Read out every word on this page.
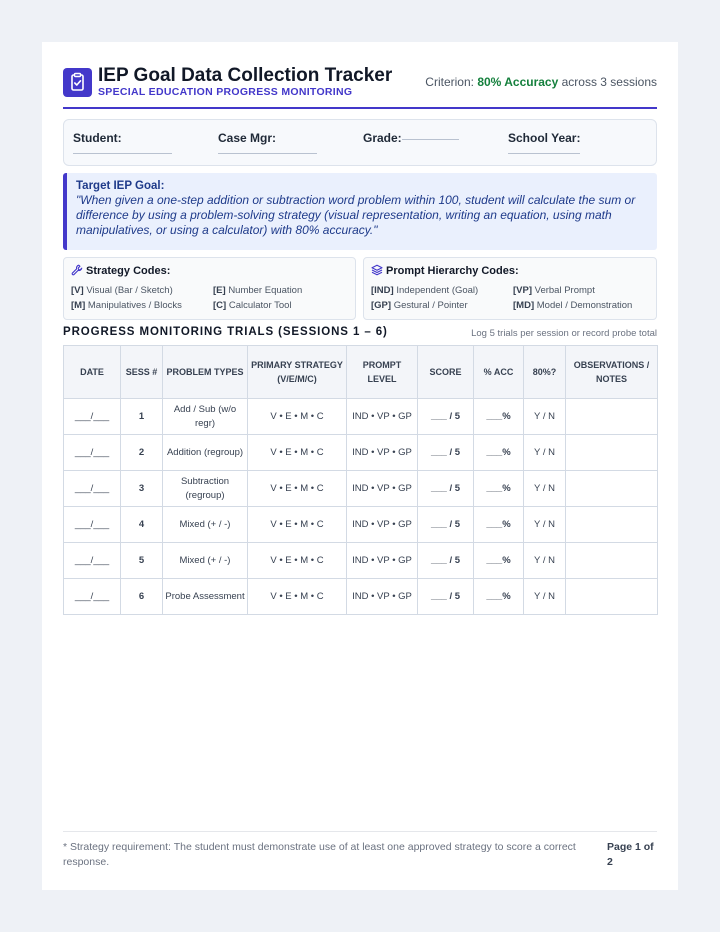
IEP Goal Data Collection Tracker
SPECIAL EDUCATION PROGRESS MONITORING
Criterion: 80% Accuracy across 3 sessions
Student:	Case Mgr:	Grade:	School Year:
Target IEP Goal:
"When given a one-step addition or subtraction word problem within 100, student will calculate the sum or difference by using a problem-solving strategy (visual representation, writing an equation, using math manipulatives, or using a calculator) with 80% accuracy."
Strategy Codes:
[V] Visual (Bar / Sketch)	[E] Number Equation
[M] Manipulatives / Blocks	[C] Calculator Tool
Prompt Hierarchy Codes:
[IND] Independent (Goal)	[VP] Verbal Prompt
[GP] Gestural / Pointer	[MD] Model / Demonstration
PROGRESS MONITORING TRIALS (SESSIONS 1 – 6)	Log 5 trials per session or record probe total
DATE	SESS #	PROBLEM TYPES	PRIMARY STRATEGY (V/E/M/C)	PROMPT LEVEL	SCORE	% ACC	80%?	OBSERVATIONS / NOTES
___/___	1	Add / Sub (w/o regr)	V • E • M • C	IND • VP • GP	___ / 5	___%	Y / N	
___/___	2	Addition (regroup)	V • E • M • C	IND • VP • GP	___ / 5	___%	Y / N	
___/___	3	Subtraction (regroup)	V • E • M • C	IND • VP • GP	___ / 5	___%	Y / N	
___/___	4	Mixed (+ / -)	V • E • M • C	IND • VP • GP	___ / 5	___%	Y / N	
___/___	5	Mixed (+ / -)	V • E • M • C	IND • VP • GP	___ / 5	___%	Y / N	
___/___	6	Probe Assessment	V • E • M • C	IND • VP • GP	___ / 5	___%	Y / N	
* Strategy requirement: The student must demonstrate use of at least one approved strategy to score a correct response.
Page 1 of 2
